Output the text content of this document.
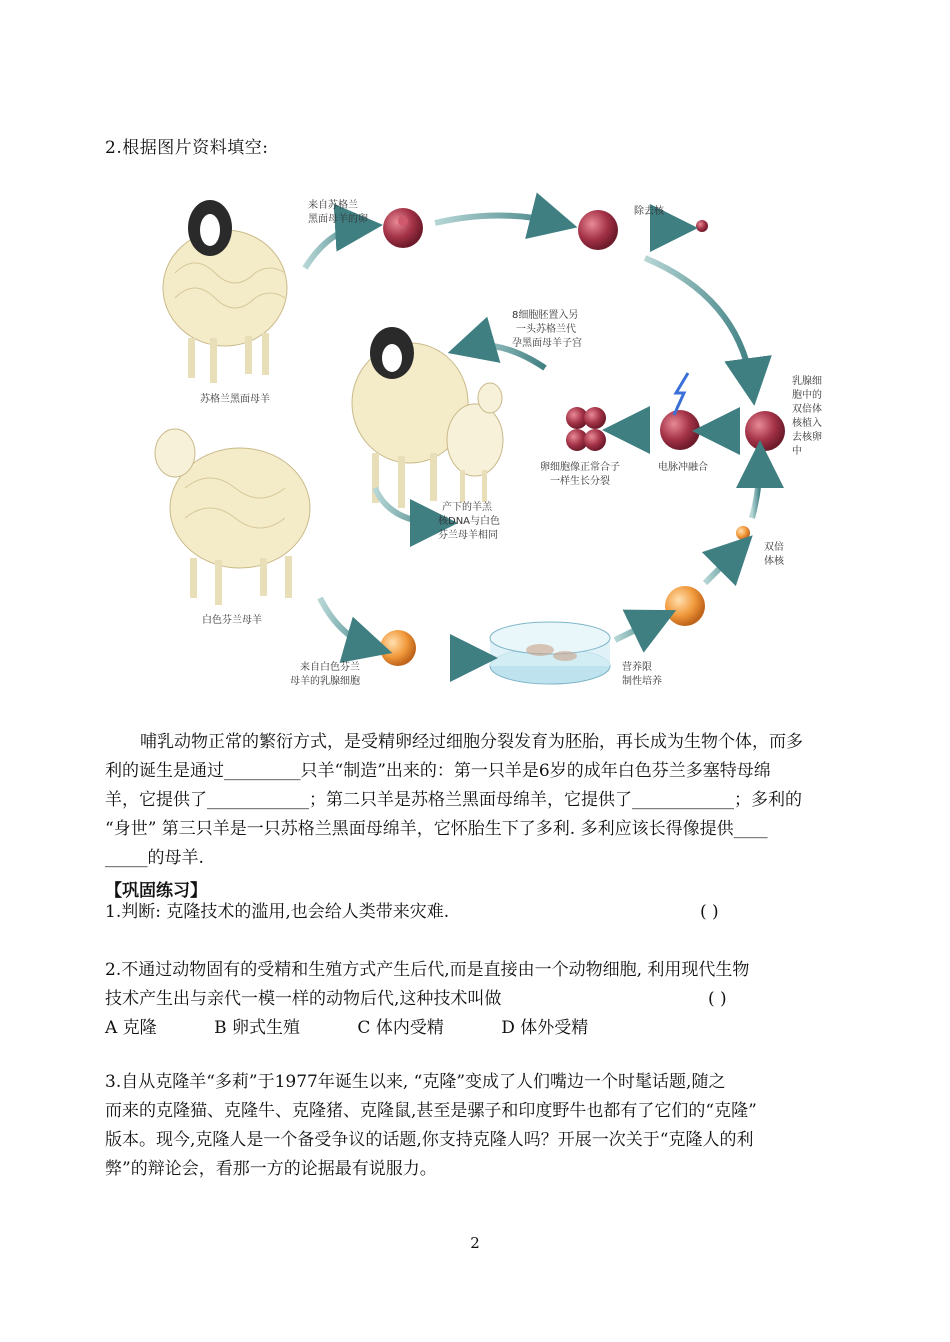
2.根据图片资料填空:
苏格兰黑面母羊
白色芬兰母羊
来自苏格兰黑面母羊的卵
除去核
8细胞胚置入另一头苏格兰代孕黑面母羊子宫
乳腺细胞中的双倍体核植入去核卵中
电脉冲融合
卵细胞像正常合子一样生长分裂
产下的羊羔核DNA与白色芬兰母羊相同
双倍体核
营养限制性培养
来自白色芬兰母羊的乳腺细胞

哺乳动物正常的繁衍方式，是受精卵经过细胞分裂发育为胚胎，再长成为生物个体，而多

利的诞生是通过_________只羊“制造”出来的：第一只羊是6岁的成年白色芬兰多塞特母绵

羊，它提供了____________；第二只羊是苏格兰黑面母绵羊，它提供了____________；多利的

“身世” 第三只羊是一只苏格兰黑面母绵羊，它怀胎生下了多利. 多利应该长得像提供____

_____的母羊.

【巩固练习】

1.判断: 克隆技术的滥用,也会给人类带来灾难.	( )

2.不通过动物固有的受精和生殖方式产生后代,而是直接由一个动物细胞, 利用现代生物

技术产生出与亲代一模一样的动物后代,这种技术叫做

A 克隆	B 卵式生殖	C 体内受精	D 体外受精

( )

3.自从克隆羊“多莉”于1977年诞生以来, “克隆”变成了人们嘴边一个时髦话题,随之

而来的克隆猫、克隆牛、克隆猪、克隆鼠,甚至是骡子和印度野牛也都有了它们的“克隆”

版本。现今,克隆人是一个备受争议的话题,你支持克隆人吗？开展一次关于“克隆人的利

弊”的辩论会，看那一方的论据最有说服力。

2
